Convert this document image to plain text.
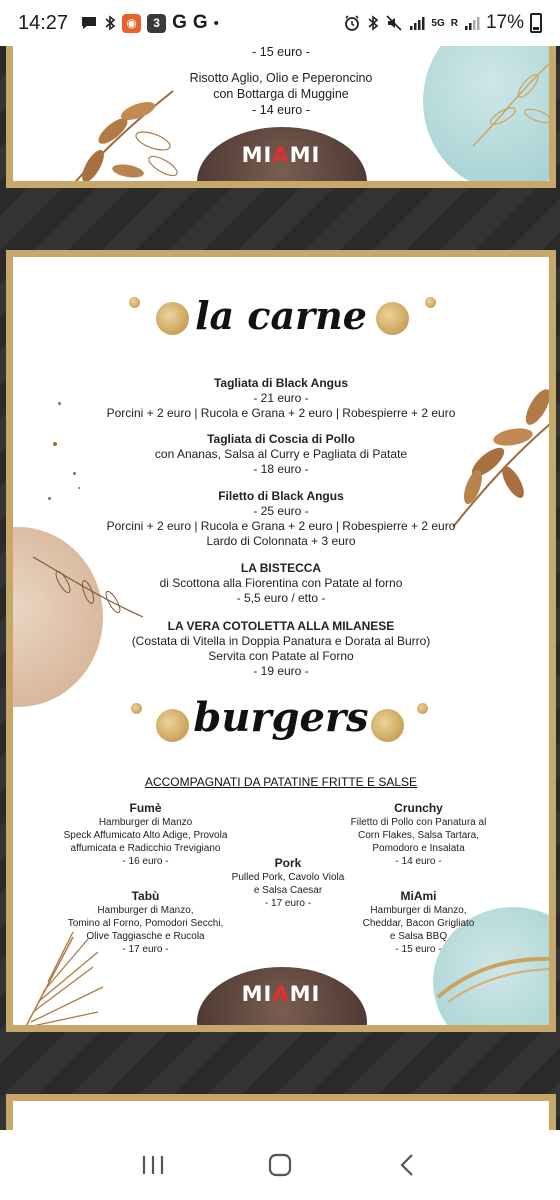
14:27	◉	3 G G •	5G R 17%
- 15 euro -
Risotto Aglio, Olio e Peperoncino
con Bottarga di Muggine
- 14 euro -
MIAMI
la carne
Tagliata di Black Angus
- 21 euro -
Porcini + 2 euro | Rucola e Grana + 2 euro | Robespierre + 2 euro
Tagliata di Coscia di Pollo
con Ananas, Salsa al Curry e Pagliata di Patate
- 18 euro -
Filetto di Black Angus
- 25 euro -
Porcini + 2 euro | Rucola e Grana + 2 euro | Robespierre + 2 euro
Lardo di Colonnata + 3 euro
LA BISTECCA
di Scottona alla Fiorentina con Patate al forno
- 5,5 euro / etto -
LA VERA COTOLETTA ALLA MILANESE
(Costata di Vitella in Doppia Panatura e Dorata al Burro)
Servita con Patate al Forno
- 19 euro -
burgers
ACCOMPAGNATI DA PATATINE FRITTE E SALSE
Fumè
Hamburger di Manzo
Speck Affumicato Alto Adige, Provola
affumicata e Radicchio Trevigiano
- 16 euro -
Crunchy
Filetto di Pollo con Panatura al
Corn Flakes, Salsa Tartara,
Pomodoro e Insalata
- 14 euro -
Pork
Pulled Pork, Cavolo Viola
e Salsa Caesar
- 17 euro -
Tabù
Hamburger di Manzo,
Tomino al Forno, Pomodori Secchi,
Olive Taggiasche e Rucola
- 17 euro -
MiAmi
Hamburger di Manzo,
Cheddar, Bacon Grigliato
e Salsa BBQ
- 15 euro -
MIAMI
